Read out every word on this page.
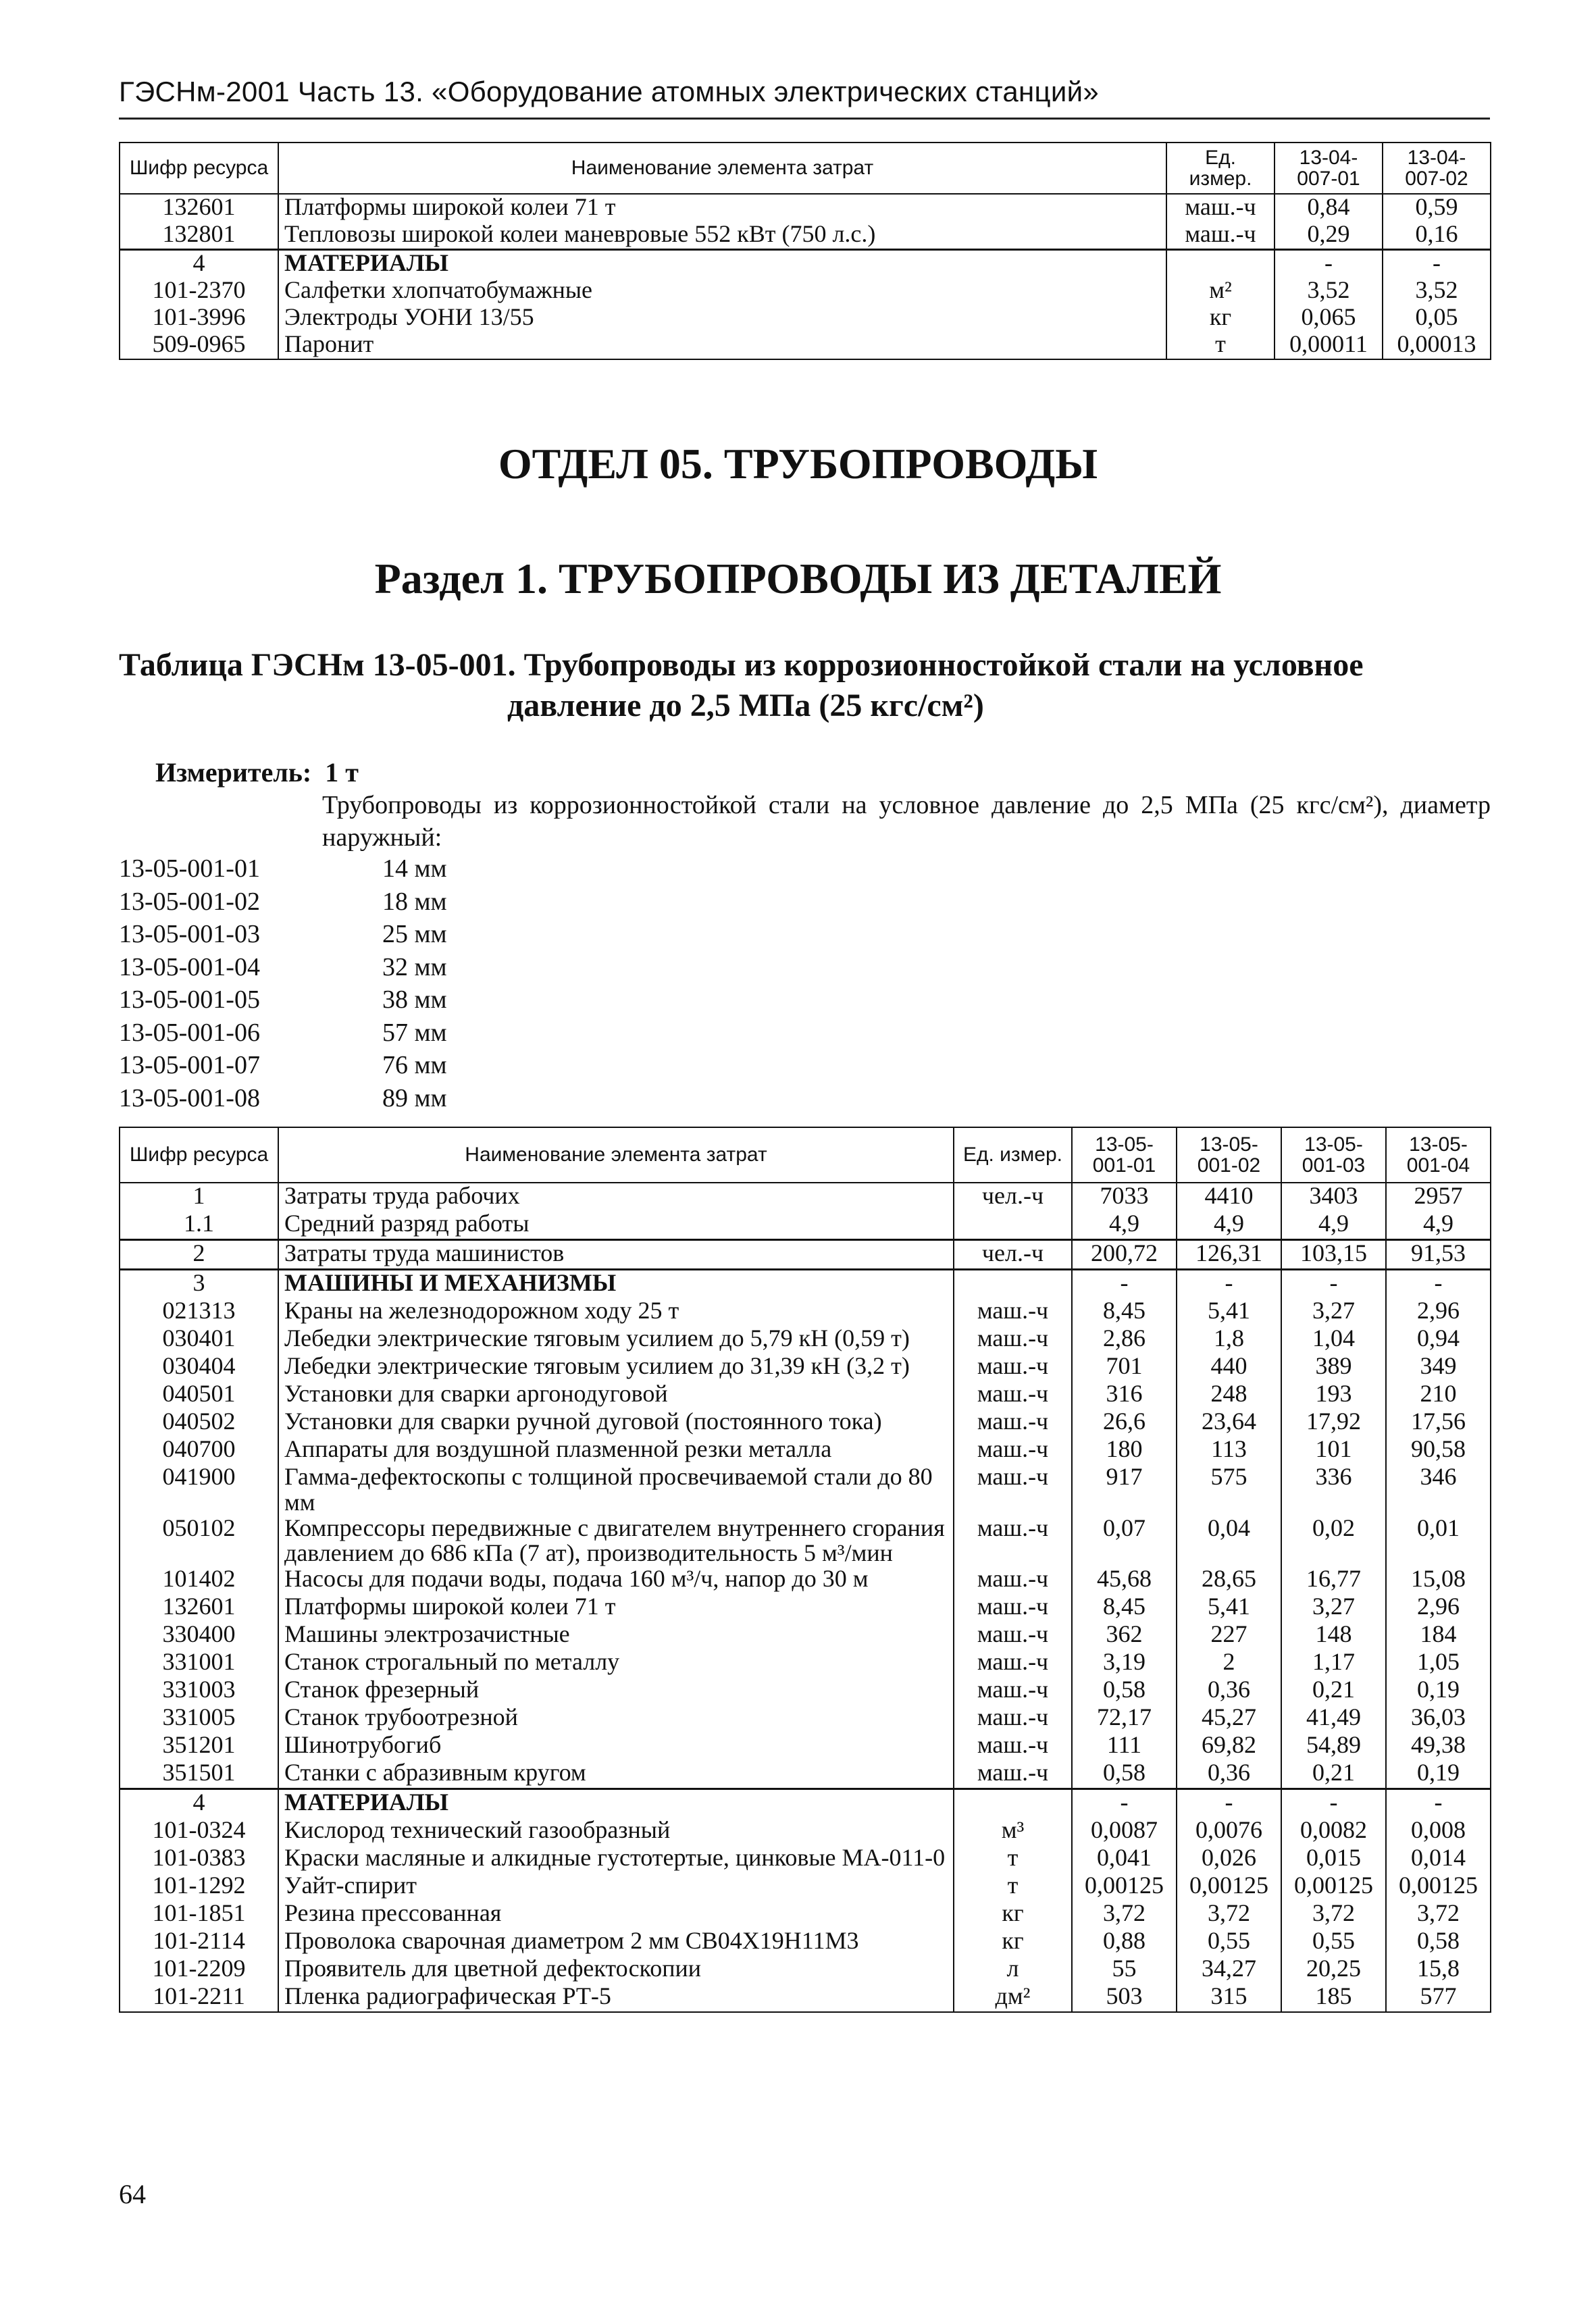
ГЭСНм-2001 Часть 13. «Оборудование атомных электрических станций»
Шифр ресурса	Наименование элемента затрат	Ед. измер.	13-04-007-01	13-04-007-02
132601	Платформы широкой колеи 71 т	маш.-ч	0,84	0,59
132801	Тепловозы широкой колеи маневровые 552 кВт (750 л.с.)	маш.-ч	0,29	0,16
4	МАТЕРИАЛЫ		-	-
101-2370	Салфетки хлопчатобумажные	м²	3,52	3,52
101-3996	Электроды УОНИ 13/55	кг	0,065	0,05
509-0965	Паронит	т	0,00011	0,00013
ОТДЕЛ 05. ТРУБОПРОВОДЫ
Раздел 1. ТРУБОПРОВОДЫ ИЗ ДЕТАЛЕЙ
Таблица ГЭСНм 13-05-001. Трубопроводы из коррозионностойкой стали на условное
давление до 2,5 МПа (25 кгс/см²)
Измеритель: 1 т
Трубопроводы из коррозионностойкой стали на условное давление до 2,5 МПа (25 кгс/см²), диаметр наружный:
13-05-001-01	14 мм
13-05-001-02	18 мм
13-05-001-03	25 мм
13-05-001-04	32 мм
13-05-001-05	38 мм
13-05-001-06	57 мм
13-05-001-07	76 мм
13-05-001-08	89 мм
Шифр ресурса	Наименование элемента затрат	Ед. измер.	13-05-001-01	13-05-001-02	13-05-001-03	13-05-001-04
1	Затраты труда рабочих	чел.-ч	7033	4410	3403	2957
1.1	Средний разряд работы		4,9	4,9	4,9	4,9
2	Затраты труда машинистов	чел.-ч	200,72	126,31	103,15	91,53
3	МАШИНЫ И МЕХАНИЗМЫ		-	-	-	-
021313	Краны на железнодорожном ходу 25 т	маш.-ч	8,45	5,41	3,27	2,96
030401	Лебедки электрические тяговым усилием до 5,79 кН (0,59 т)	маш.-ч	2,86	1,8	1,04	0,94
030404	Лебедки электрические тяговым усилием до 31,39 кН (3,2 т)	маш.-ч	701	440	389	349
040501	Установки для сварки аргонодуговой	маш.-ч	316	248	193	210
040502	Установки для сварки ручной дуговой (постоянного тока)	маш.-ч	26,6	23,64	17,92	17,56
040700	Аппараты для воздушной плазменной резки металла	маш.-ч	180	113	101	90,58
041900	Гамма-дефектоскопы с толщиной просвечиваемой стали до 80 мм	маш.-ч	917	575	336	346
050102	Компрессоры передвижные с двигателем внутреннего сгорания давлением до 686 кПа (7 ат), производительность 5 м³/мин	маш.-ч	0,07	0,04	0,02	0,01
101402	Насосы для подачи воды, подача 160 м³/ч, напор до 30 м	маш.-ч	45,68	28,65	16,77	15,08
132601	Платформы широкой колеи 71 т	маш.-ч	8,45	5,41	3,27	2,96
330400	Машины электрозачистные	маш.-ч	362	227	148	184
331001	Станок строгальный по металлу	маш.-ч	3,19	2	1,17	1,05
331003	Станок фрезерный	маш.-ч	0,58	0,36	0,21	0,19
331005	Станок трубоотрезной	маш.-ч	72,17	45,27	41,49	36,03
351201	Шинотрубогиб	маш.-ч	111	69,82	54,89	49,38
351501	Станки с абразивным кругом	маш.-ч	0,58	0,36	0,21	0,19
4	МАТЕРИАЛЫ		-	-	-	-
101-0324	Кислород технический газообразный	м³	0,0087	0,0076	0,0082	0,008
101-0383	Краски масляные и алкидные густотертые, цинковые МА-011-0	т	0,041	0,026	0,015	0,014
101-1292	Уайт-спирит	т	0,00125	0,00125	0,00125	0,00125
101-1851	Резина прессованная	кг	3,72	3,72	3,72	3,72
101-2114	Проволока сварочная диаметром 2 мм СВ04Х19Н11М3	кг	0,88	0,55	0,55	0,58
101-2209	Проявитель для цветной дефектоскопии	л	55	34,27	20,25	15,8
101-2211	Пленка радиографическая РТ-5	дм²	503	315	185	577
64
